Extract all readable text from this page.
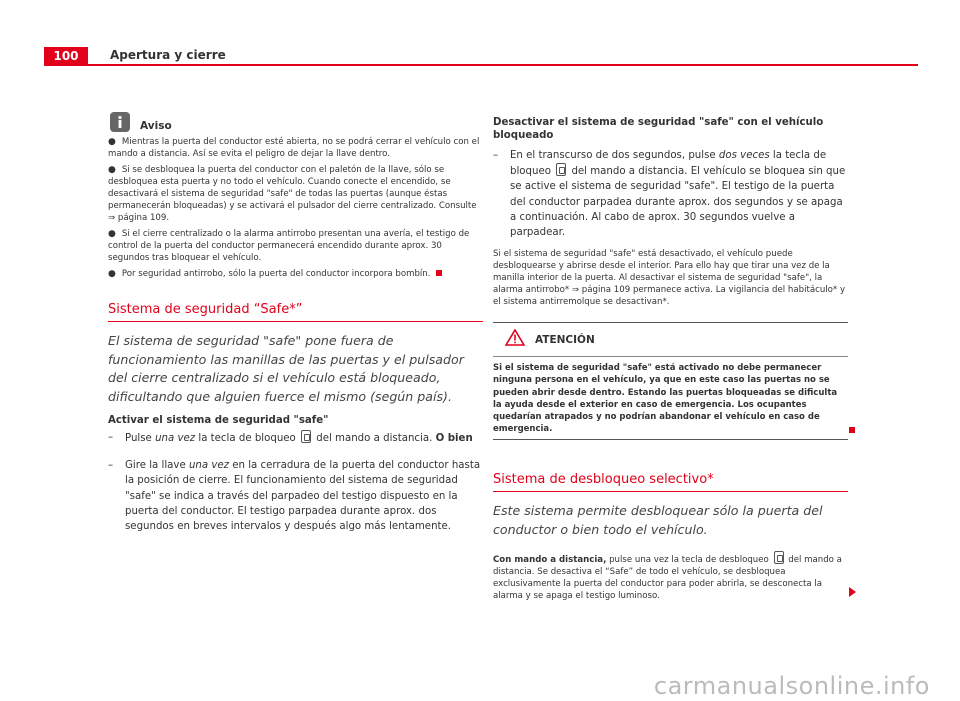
100	Apertura y cierre
Aviso
● Mientras la puerta del conductor esté abierta, no se podrá cerrar el vehículo con el mando a distancia. Así se evita el peligro de dejar la llave dentro.
● Si se desbloquea la puerta del conductor con el paletón de la llave, sólo se desbloquea esta puerta y no todo el vehículo. Cuando conecte el encendido, se desactivará el sistema de seguridad "safe" de todas las puertas (aunque éstas permanecerán bloqueadas) y se activará el pulsador del cierre centralizado. Consulte ⇒ página 109.
● Si el cierre centralizado o la alarma antirrobo presentan una avería, el testigo de control de la puerta del conductor permanecerá encendido durante aprox. 30 segundos tras bloquear el vehículo.
● Por seguridad antirrobo, sólo la puerta del conductor incorpora bombín.
Sistema de seguridad “Safe*”
El sistema de seguridad "safe" pone fuera de funcionamiento las manillas de las puertas y el pulsador del cierre centralizado si el vehículo está bloqueado, dificultando que alguien fuerce el mismo (según país).
Activar el sistema de seguridad "safe"
–	Pulse una vez la tecla de bloqueo  del mando a distancia. O bien
–	Gire la llave una vez en la cerradura de la puerta del conductor hasta la posición de cierre. El funcionamiento del sistema de seguridad "safe" se indica a través del parpadeo del testigo dispuesto en la puerta del conductor. El testigo parpadea durante aprox. dos segundos en breves intervalos y después algo más lentamente.
Desactivar el sistema de seguridad "safe" con el vehículo bloqueado
–	En el transcurso de dos segundos, pulse dos veces la tecla de bloqueo  del mando a distancia. El vehículo se bloquea sin que se active el sistema de seguridad "safe". El testigo de la puerta del conductor parpadea durante aprox. dos segundos y se apaga a continuación. Al cabo de aprox. 30 segundos vuelve a parpadear.
Si el sistema de seguridad "safe" está desactivado, el vehículo puede desbloquearse y abrirse desde el interior. Para ello hay que tirar una vez de la manilla interior de la puerta. Al desactivar el sistema de seguridad "safe", la alarma antirrobo* ⇒ página 109 permanece activa. La vigilancia del habitáculo* y el sistema antirremolque se desactivan*.
ATENCIÓN
Si el sistema de seguridad "safe" está activado no debe permanecer ninguna persona en el vehículo, ya que en este caso las puertas no se pueden abrir desde dentro. Estando las puertas bloqueadas se dificulta la ayuda desde el exterior en caso de emergencia. Los ocupantes quedarían atrapados y no podrían abandonar el vehículo en caso de emergencia.
Sistema de desbloqueo selectivo*
Este sistema permite desbloquear sólo la puerta del conductor o bien todo el vehículo.
Con mando a distancia, pulse una vez la tecla de desbloqueo  del mando a distancia. Se desactiva el “Safe” de todo el vehículo, se desbloquea exclusivamente la puerta del conductor para poder abrirla, se desconecta la alarma y se apaga el testigo luminoso.
carmanualsonline.info
